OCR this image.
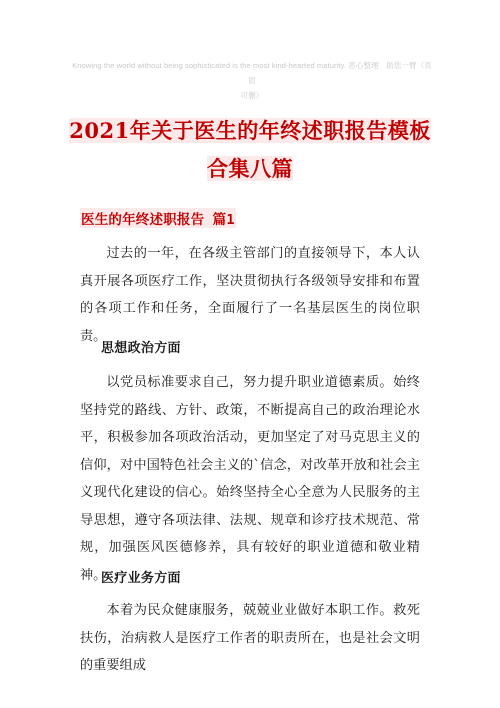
Knowing the world without being sophisticated is the most kind-hearted maturity. 恶心整理　助您一臂（页眉
可删）
2021年关于医生的年终述职报告模板合集八篇
医生的年终述职报告 篇1

过去的一年，在各级主管部门的直接领导下，本人认真开展各项医疗工作，坚决贯彻执行各级领导安排和布置的各项工作和任务，全面履行了一名基层医生的岗位职责。

思想政治方面

以党员标准要求自己，努力提升职业道德素质。始终坚持党的路线、方针、政策，不断提高自己的政治理论水平，积极参加各项政治活动，更加坚定了对马克思主义的信仰，对中国特色社会主义的`信念，对改革开放和社会主义现代化建设的信心。始终坚持全心全意为人民服务的主导思想，遵守各项法律、法规、规章和诊疗技术规范、常规，加强医风医德修养，具有较好的职业道德和敬业精神。

医疗业务方面

本着为民众健康服务，兢兢业业做好本职工作。救死扶伤，治病救人是医疗工作者的职责所在，也是社会文明的重要组成
